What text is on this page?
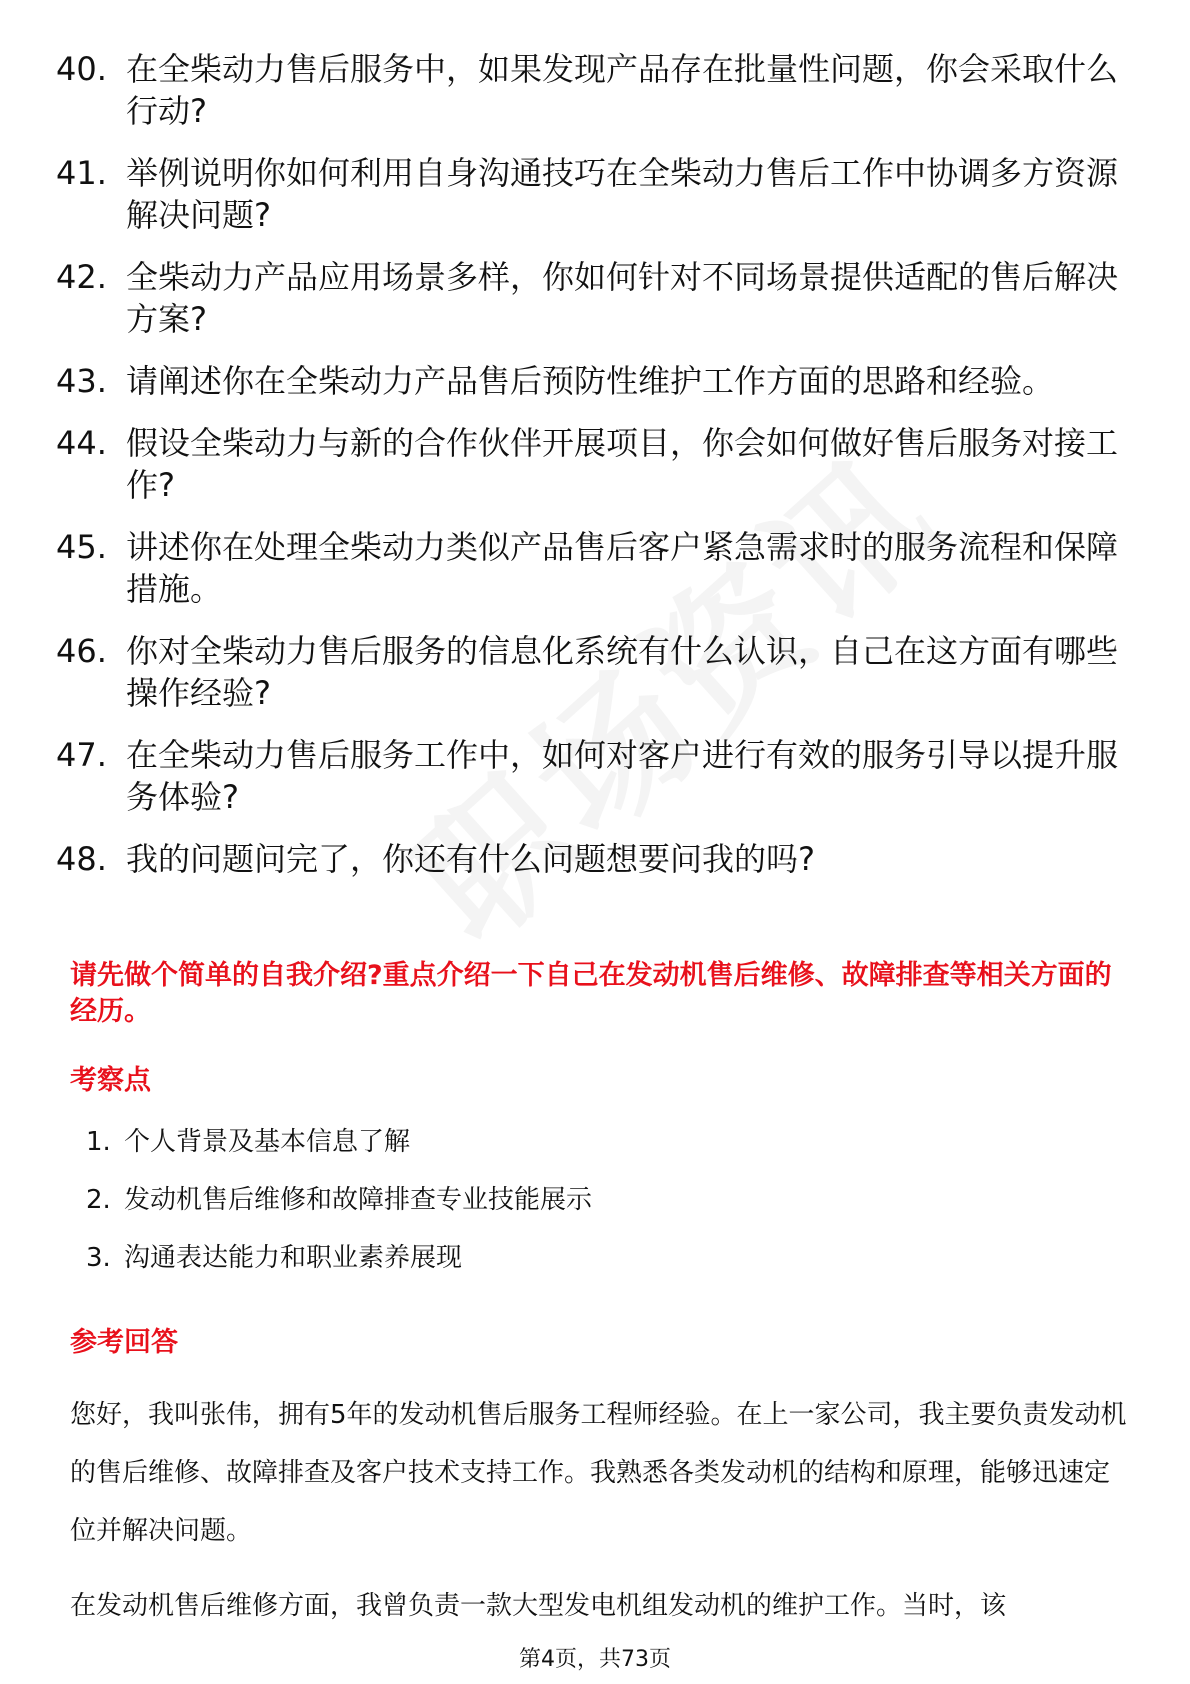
40. 在全柴动力售后服务中，如果发现产品存在批量性问题，你会采取什么行动?
41. 举例说明你如何利用自身沟通技巧在全柴动力售后工作中协调多方资源解决问题?
42. 全柴动力产品应用场景多样，你如何针对不同场景提供适配的售后解决方案?
43. 请阐述你在全柴动力产品售后预防性维护工作方面的思路和经验。
44. 假设全柴动力与新的合作伙伴开展项目，你会如何做好售后服务对接工作?
45. 讲述你在处理全柴动力类似产品售后客户紧急需求时的服务流程和保障措施。
46. 你对全柴动力售后服务的信息化系统有什么认识，自己在这方面有哪些操作经验?
47. 在全柴动力售后服务工作中，如何对客户进行有效的服务引导以提升服务体验?
48. 我的问题问完了，你还有什么问题想要问我的吗?
请先做个简单的自我介绍?重点介绍一下自己在发动机售后维修、故障排查等相关方面的经历。
考察点
1. 个人背景及基本信息了解
2. 发动机售后维修和故障排查专业技能展示
3. 沟通表达能力和职业素养展现
参考回答
您好，我叫张伟，拥有5年的发动机售后服务工程师经验。在上一家公司，我主要负责发动机的售后维修、故障排查及客户技术支持工作。我熟悉各类发动机的结构和原理，能够迅速定位并解决问题。
在发动机售后维修方面，我曾负责一款大型发电机组发动机的维护工作。当时，该
第4页，共73页
